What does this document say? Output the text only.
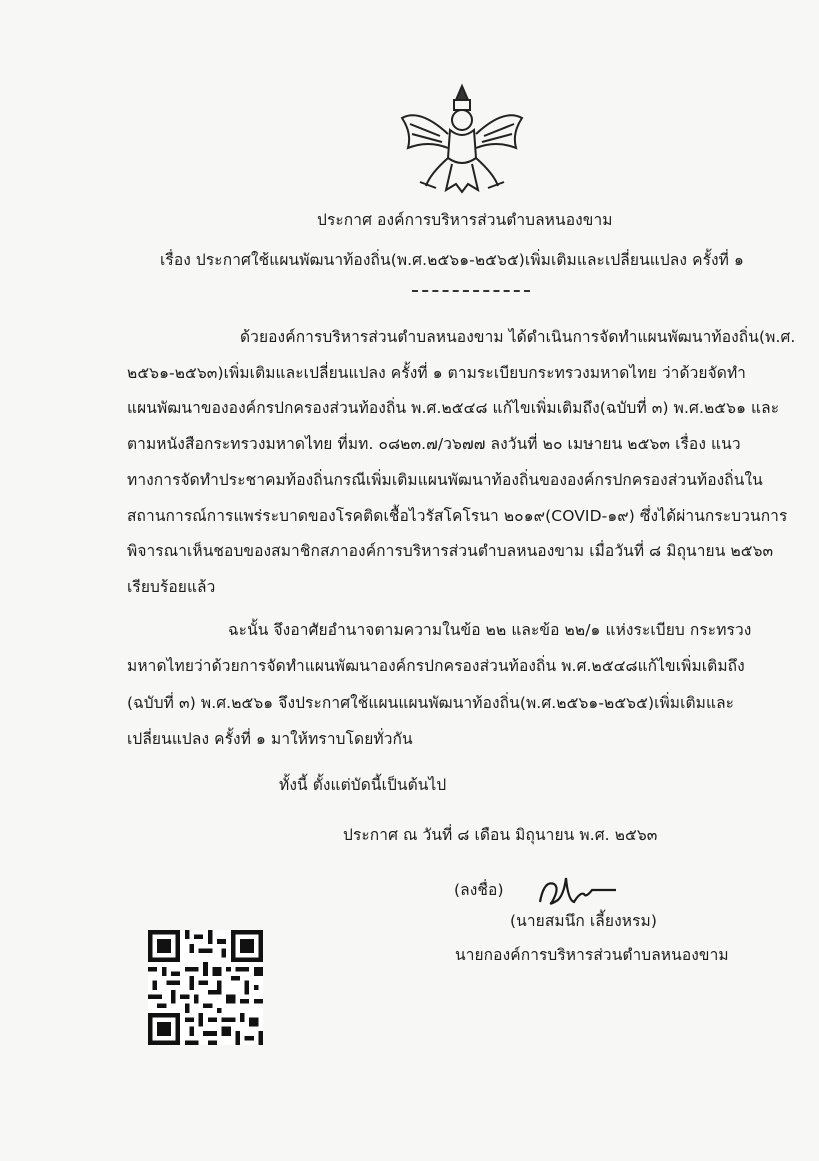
ประกาศ องค์การบริหารส่วนตำบลหนองขาม
เรื่อง ประกาศใช้แผนพัฒนาท้องถิ่น(พ.ศ.๒๕๖๑-๒๕๖๕)เพิ่มเติมและเปลี่ยนแปลง ครั้งที่ ๑
ด้วยองค์การบริหารส่วนตำบลหนองขาม ได้ดำเนินการจัดทำแผนพัฒนาท้องถิ่น(พ.ศ.
๒๕๖๑-๒๕๖๓)เพิ่มเติมและเปลี่ยนแปลง ครั้งที่ ๑ ตามระเบียบกระทรวงมหาดไทย ว่าด้วยจัดทำ
แผนพัฒนาขององค์กรปกครองส่วนท้องถิ่น พ.ศ.๒๕๔๘ แก้ไขเพิ่มเติมถึง(ฉบับที่ ๓) พ.ศ.๒๕๖๑ และ
ตามหนังสือกระทรวงมหาดไทย ที่มท. ๐๘๒๓.๗/ว๖๗๗ ลงวันที่ ๒๐ เมษายน ๒๕๖๓ เรื่อง แนว
ทางการจัดทำประชาคมท้องถิ่นกรณีเพิ่มเติมแผนพัฒนาท้องถิ่นขององค์กรปกครองส่วนท้องถิ่นใน
สถานการณ์การแพร่ระบาดของโรคติดเชื้อไวรัสโคโรนา ๒๐๑๙(COVID-๑๙) ซึ่งได้ผ่านกระบวนการ
พิจารณาเห็นชอบของสมาชิกสภาองค์การบริหารส่วนตำบลหนองขาม เมื่อวันที่ ๘ มิถุนายน ๒๕๖๓
เรียบร้อยแล้ว
ฉะนั้น จึงอาศัยอำนาจตามความในข้อ ๒๒ และข้อ ๒๒/๑ แห่งระเบียบ กระทรวง
มหาดไทยว่าด้วยการจัดทำแผนพัฒนาองค์กรปกครองส่วนท้องถิ่น พ.ศ.๒๕๔๘แก้ไขเพิ่มเติมถึง
(ฉบับที่ ๓) พ.ศ.๒๕๖๑ จึงประกาศใช้แผนแผนพัฒนาท้องถิ่น(พ.ศ.๒๕๖๑-๒๕๖๕)เพิ่มเติมและ
เปลี่ยนแปลง ครั้งที่ ๑ มาให้ทราบโดยทั่วกัน
ทั้งนี้ ตั้งแต่บัดนี้เป็นต้นไป
ประกาศ ณ วันที่ ๘ เดือน มิถุนายน พ.ศ. ๒๕๖๓
(ลงชื่อ)
(นายสมนึก เลี้ยงหรม)
นายกองค์การบริหารส่วนตำบลหนองขาม
